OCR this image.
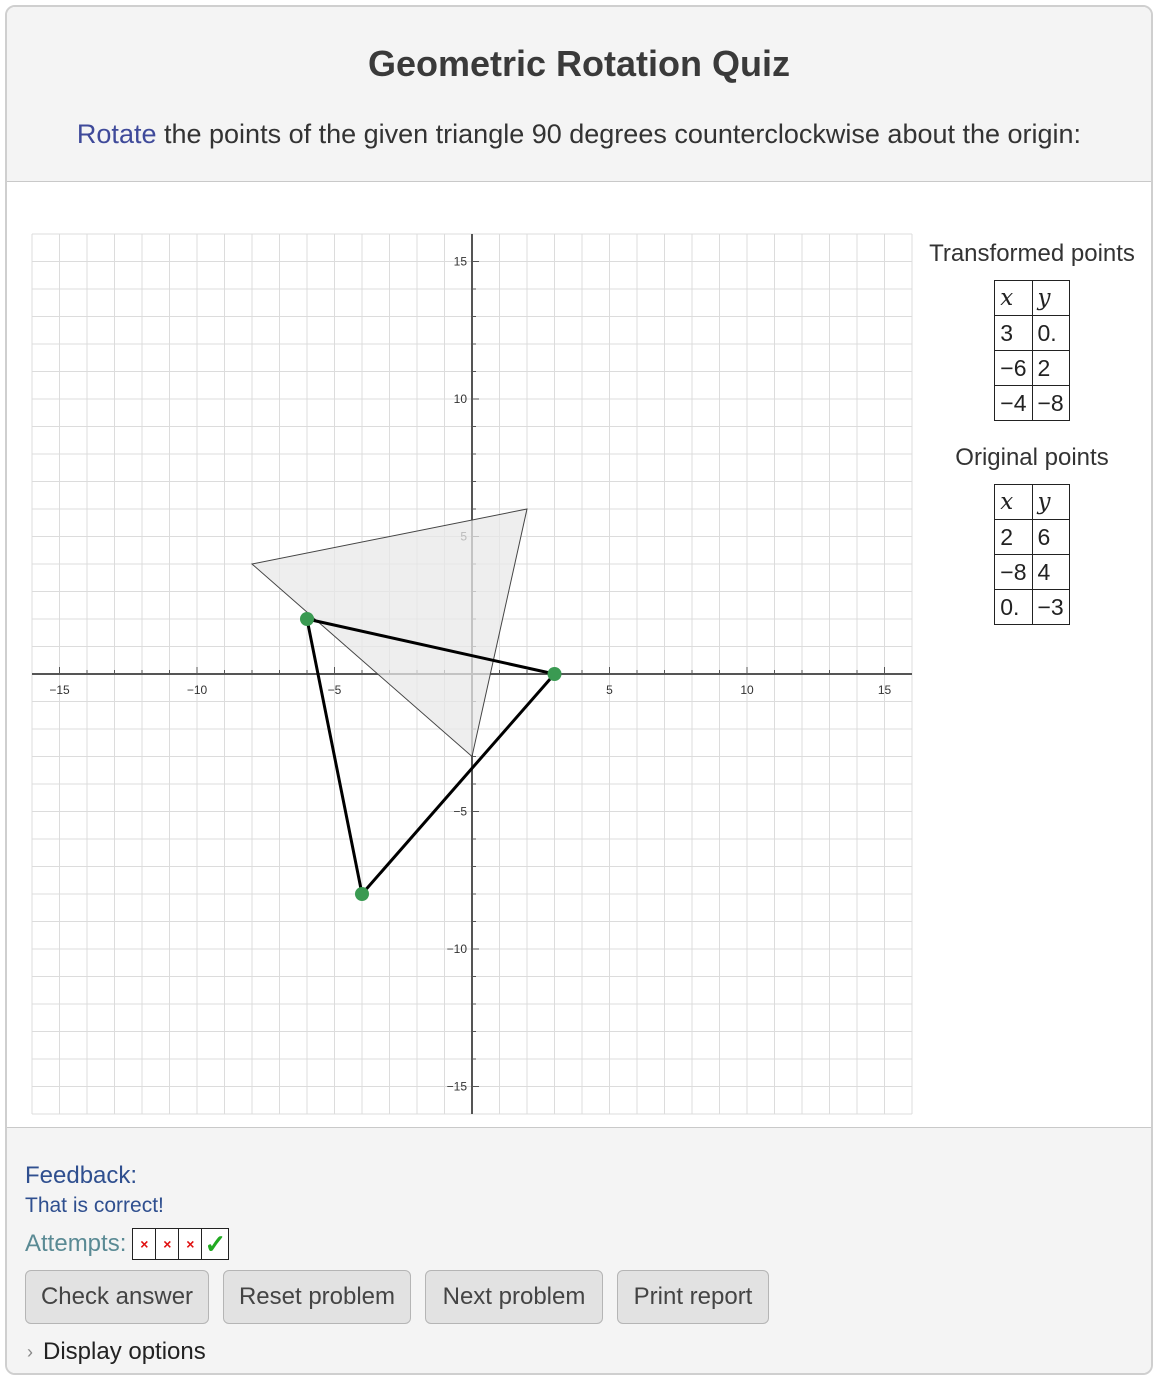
Geometric Rotation Quiz
Rotate the points of the given triangle 90 degrees counterclockwise about the origin:
−15	−10	−5	5	10	15
−15
−10
−5
10
15	Transformed points
x	y
3	0.
−6	2
−4	−8
Original points
x	y
2	6
−8	4
0.	−3
Feedback:
That is correct!
Attempts: ×	×	× ✓
Check answer	Reset problem	Next problem	Print report
› Display options
